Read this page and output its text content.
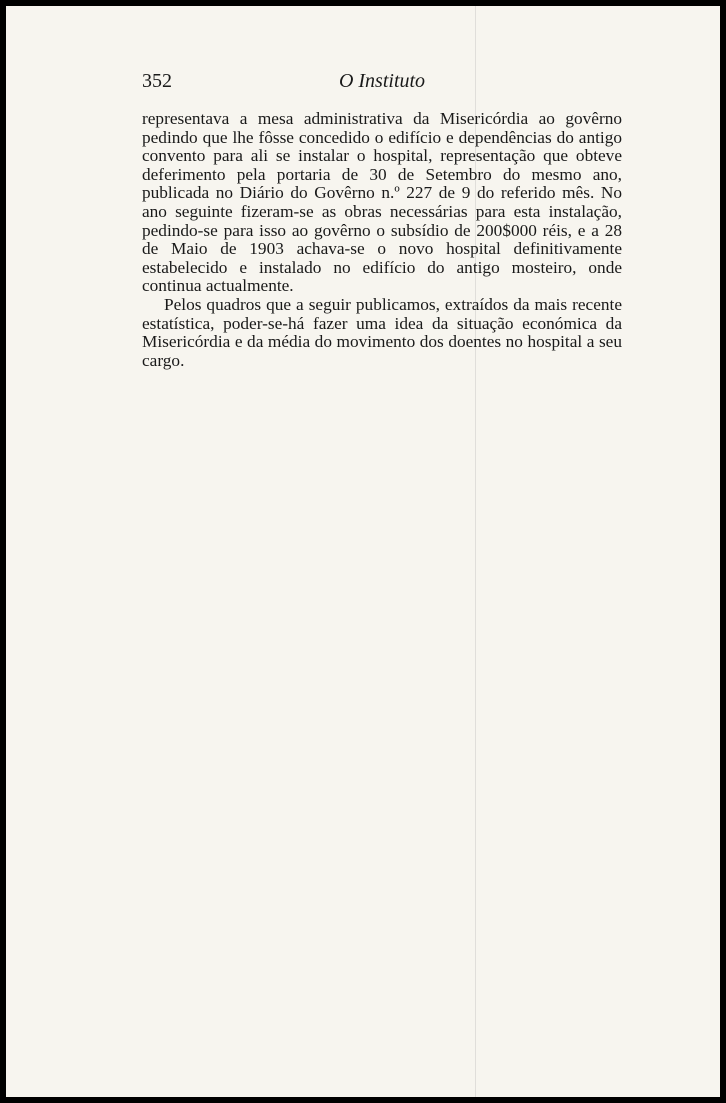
352	O Instituto

representava a mesa administrativa da Misericórdia ao govêrno pedindo que lhe fôsse concedido o edifício e dependências do antigo convento para ali se instalar o hospital, representação que obteve deferimento pela portaria de 30 de Setembro do mesmo ano, publicada no Diário do Govêrno n.º 227 de 9 do referido mês. No ano seguinte fizeram-se as obras necessárias para esta instalação, pedindo-se para isso ao govêrno o subsídio de 200$000 réis, e a 28 de Maio de 1903 achava-se o novo hospital definitivamente estabelecido e instalado no edifício do antigo mosteiro, onde continua actualmente.

Pelos quadros que a seguir publicamos, extraídos da mais recente estatística, poder-se-há fazer uma idea da situação económica da Misericórdia e da média do movimento dos doentes no hospital a seu cargo.
